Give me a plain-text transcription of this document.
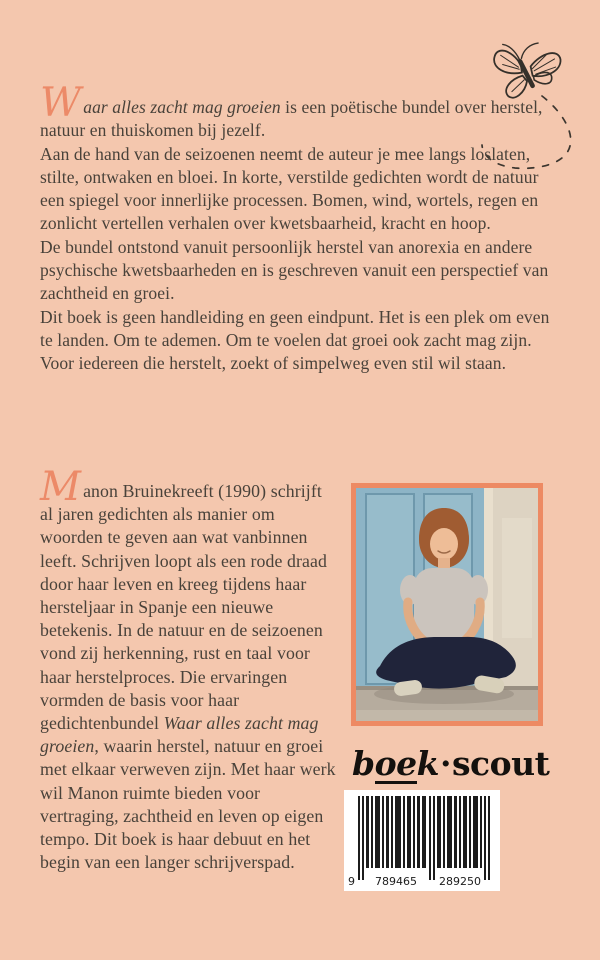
Waar alles zacht mag groeien is een poëtische bundel over herstel, natuur en thuiskomen bij jezelf.

Aan de hand van de seizoenen neemt de auteur je mee langs loslaten, stilte, ontwaken en bloei. In korte, verstilde gedichten wordt de natuur een spiegel voor innerlijke processen. Bomen, wind, wortels, regen en zonlicht vertellen verhalen over kwetsbaarheid, kracht en hoop.

De bundel ontstond vanuit persoonlijk herstel van anorexia en andere psychische kwetsbaarheden en is geschreven vanuit een perspectief van zachtheid en groei.

Dit boek is geen handleiding en geen eindpunt. Het is een plek om even te landen. Om te ademen. Om te voelen dat groei ook zacht mag zijn.

Voor iedereen die herstelt, zoekt of simpelweg even stil wil staan.

Manon Bruinekreeft (1990) schrijft al jaren gedichten als manier om woorden te geven aan wat vanbinnen leeft. Schrijven loopt als een rode draad door haar leven en kreeg tijdens haar hersteljaar in Spanje een nieuwe betekenis. In de natuur en de seizoenen vond zij herkenning, rust en taal voor haar herstelproces. Die ervaringen vormden de basis voor haar gedichtenbundel Waar alles zacht mag groeien, waarin herstel, natuur en groei met elkaar verweven zijn. Met haar werk wil Manon ruimte bieden voor vertraging, zachtheid en leven op eigen tempo. Dit boek is haar debuut en het begin van een langer schrijverspad.

boek·scout
9 789465 289250
